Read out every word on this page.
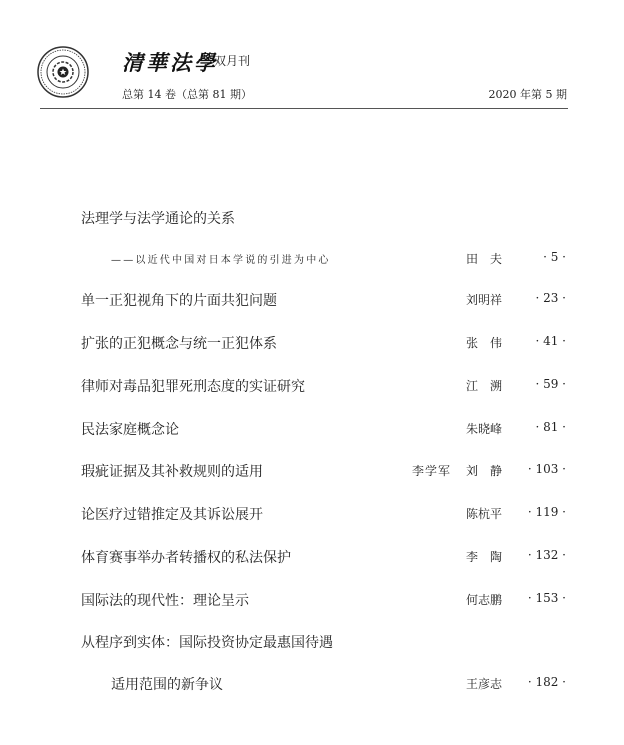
清華法學
双月刊
总第 14 卷（总第 81 期）	2020 年第 5 期
法理学与法学通论的关系
——以近代中国对日本学说的引进为中心	田　夫	· 5 ·
单一正犯视角下的片面共犯问题	刘明祥	· 23 ·
扩张的正犯概念与统一正犯体系	张　伟	· 41 ·
律师对毒品犯罪死刑态度的实证研究	江　溯	· 59 ·
民法家庭概念论	朱晓峰	· 81 ·
瑕疵证据及其补救规则的适用	李学军 刘　静	· 103 ·
论医疗过错推定及其诉讼展开	陈杭平	· 119 ·
体育赛事举办者转播权的私法保护	李　陶	· 132 ·
国际法的现代性：理论呈示	何志鹏	· 153 ·
从程序到实体：国际投资协定最惠国待遇
适用范围的新争议	王彦志	· 182 ·
